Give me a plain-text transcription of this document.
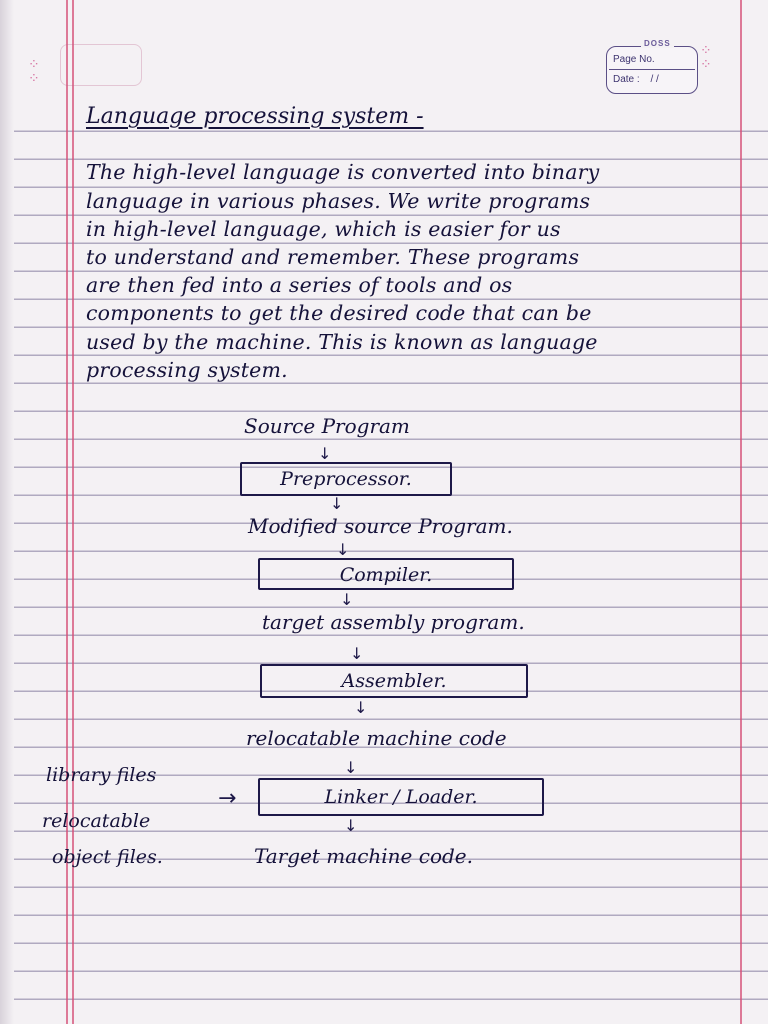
⁘
⁘
DOSS
Page No.
Date : / /
⁘
⁘
Language processing system -
The high-level language is converted into binary
language in various phases. We write programs
in high-level language, which is easier for us
to understand and remember. These programs
are then fed into a series of tools and os
components to get the desired code that can be
used by the machine. This is known as language
processing system.
Source Program
↓
Preprocessor.
↓
Modified source Program.
↓
Compiler.
↓
target assembly program.
↓
Assembler.
↓
relocatable machine code
↓
Linker / Loader.
↓
Target machine code.
library files
relocatable
object files.
→
